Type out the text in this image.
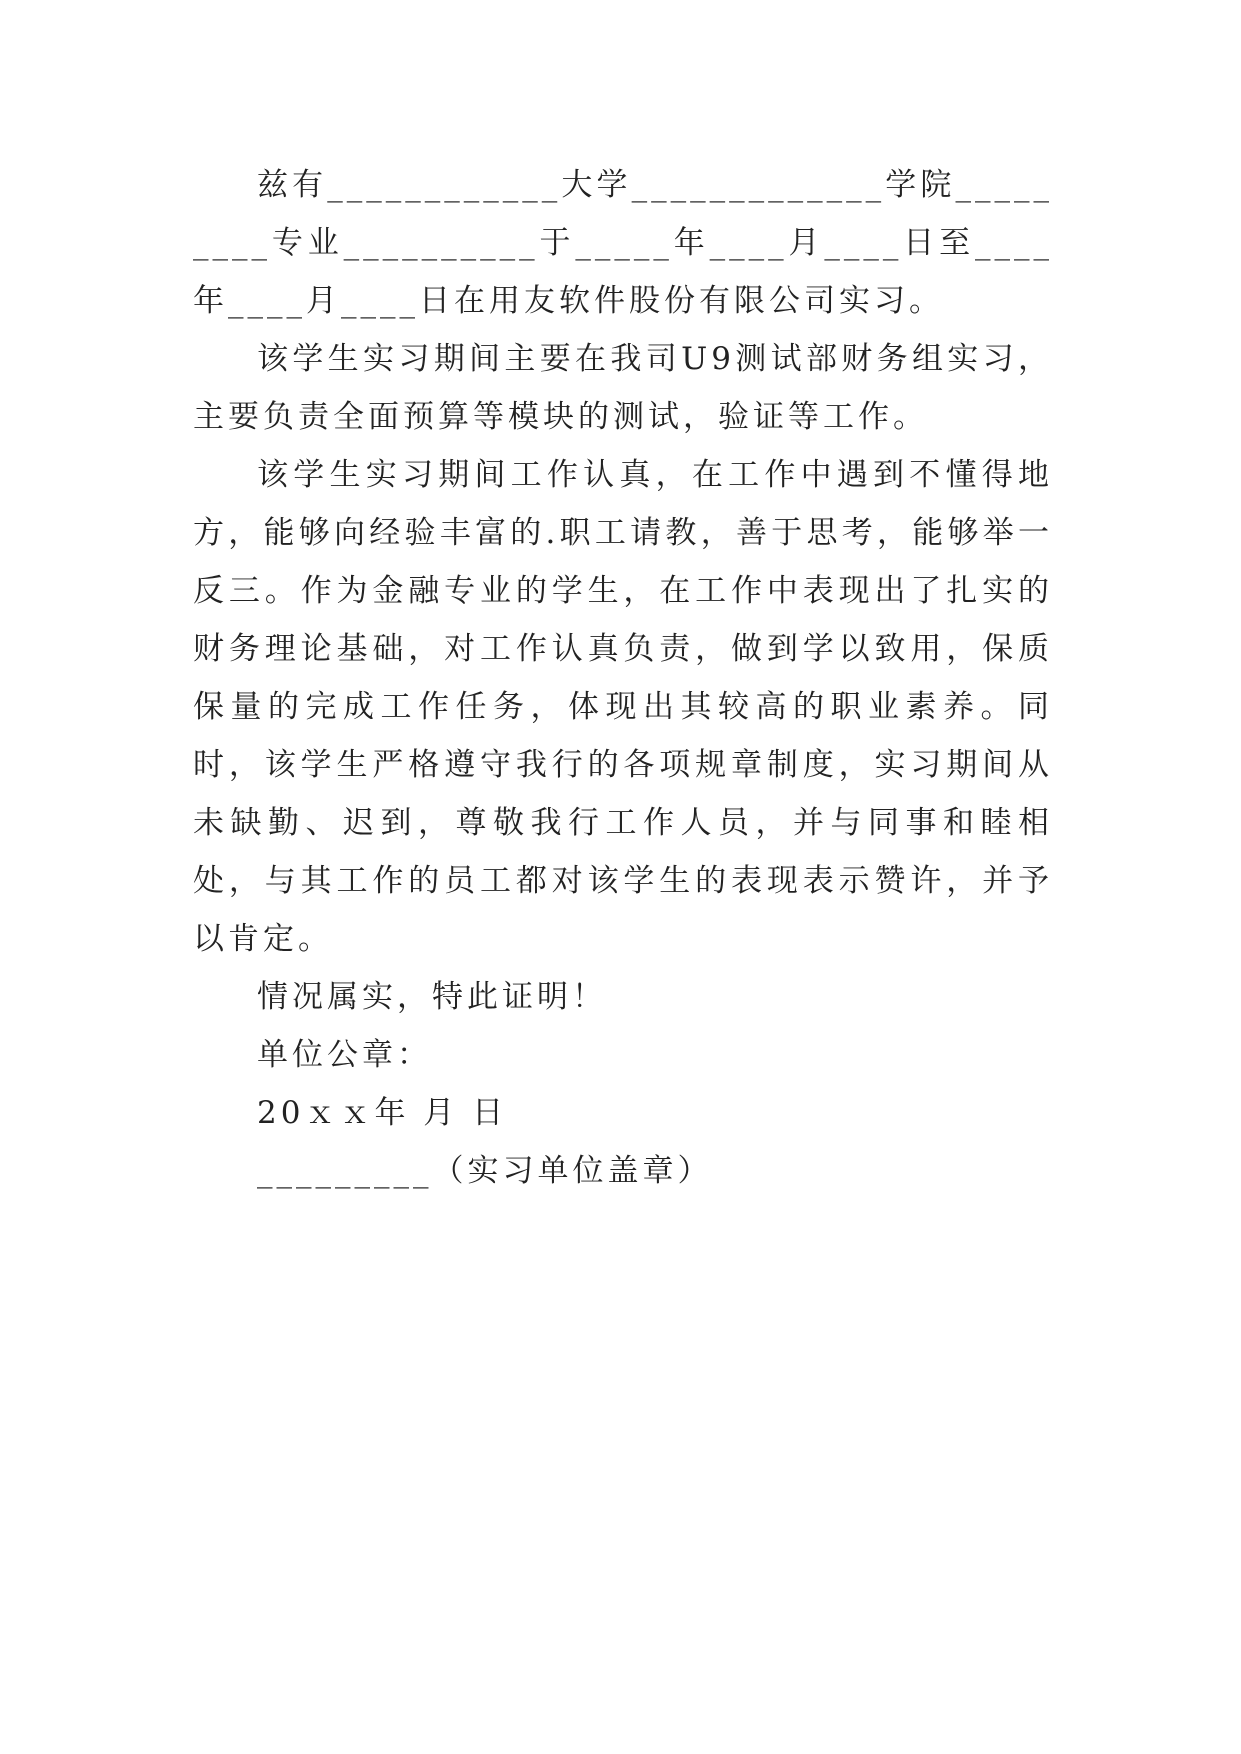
兹有____________大学_____________学院_________专业__________于_____年____月____日至____年____月____日在用友软件股份有限公司实习。

该学生实习期间主要在我司U9测试部财务组实习，主要负责全面预算等模块的测试，验证等工作。

该学生实习期间工作认真，在工作中遇到不懂得地方，能够向经验丰富的.职工请教，善于思考，能够举一反三。作为金融专业的学生，在工作中表现出了扎实的财务理论基础，对工作认真负责，做到学以致用，保质保量的完成工作任务，体现出其较高的职业素养。同时，该学生严格遵守我行的各项规章制度，实习期间从未缺勤、迟到，尊敬我行工作人员，并与同事和睦相处，与其工作的员工都对该学生的表现表示赞许，并予以肯定。

情况属实，特此证明！

单位公章：

20ｘｘ年 月 日

_________（实习单位盖章）
